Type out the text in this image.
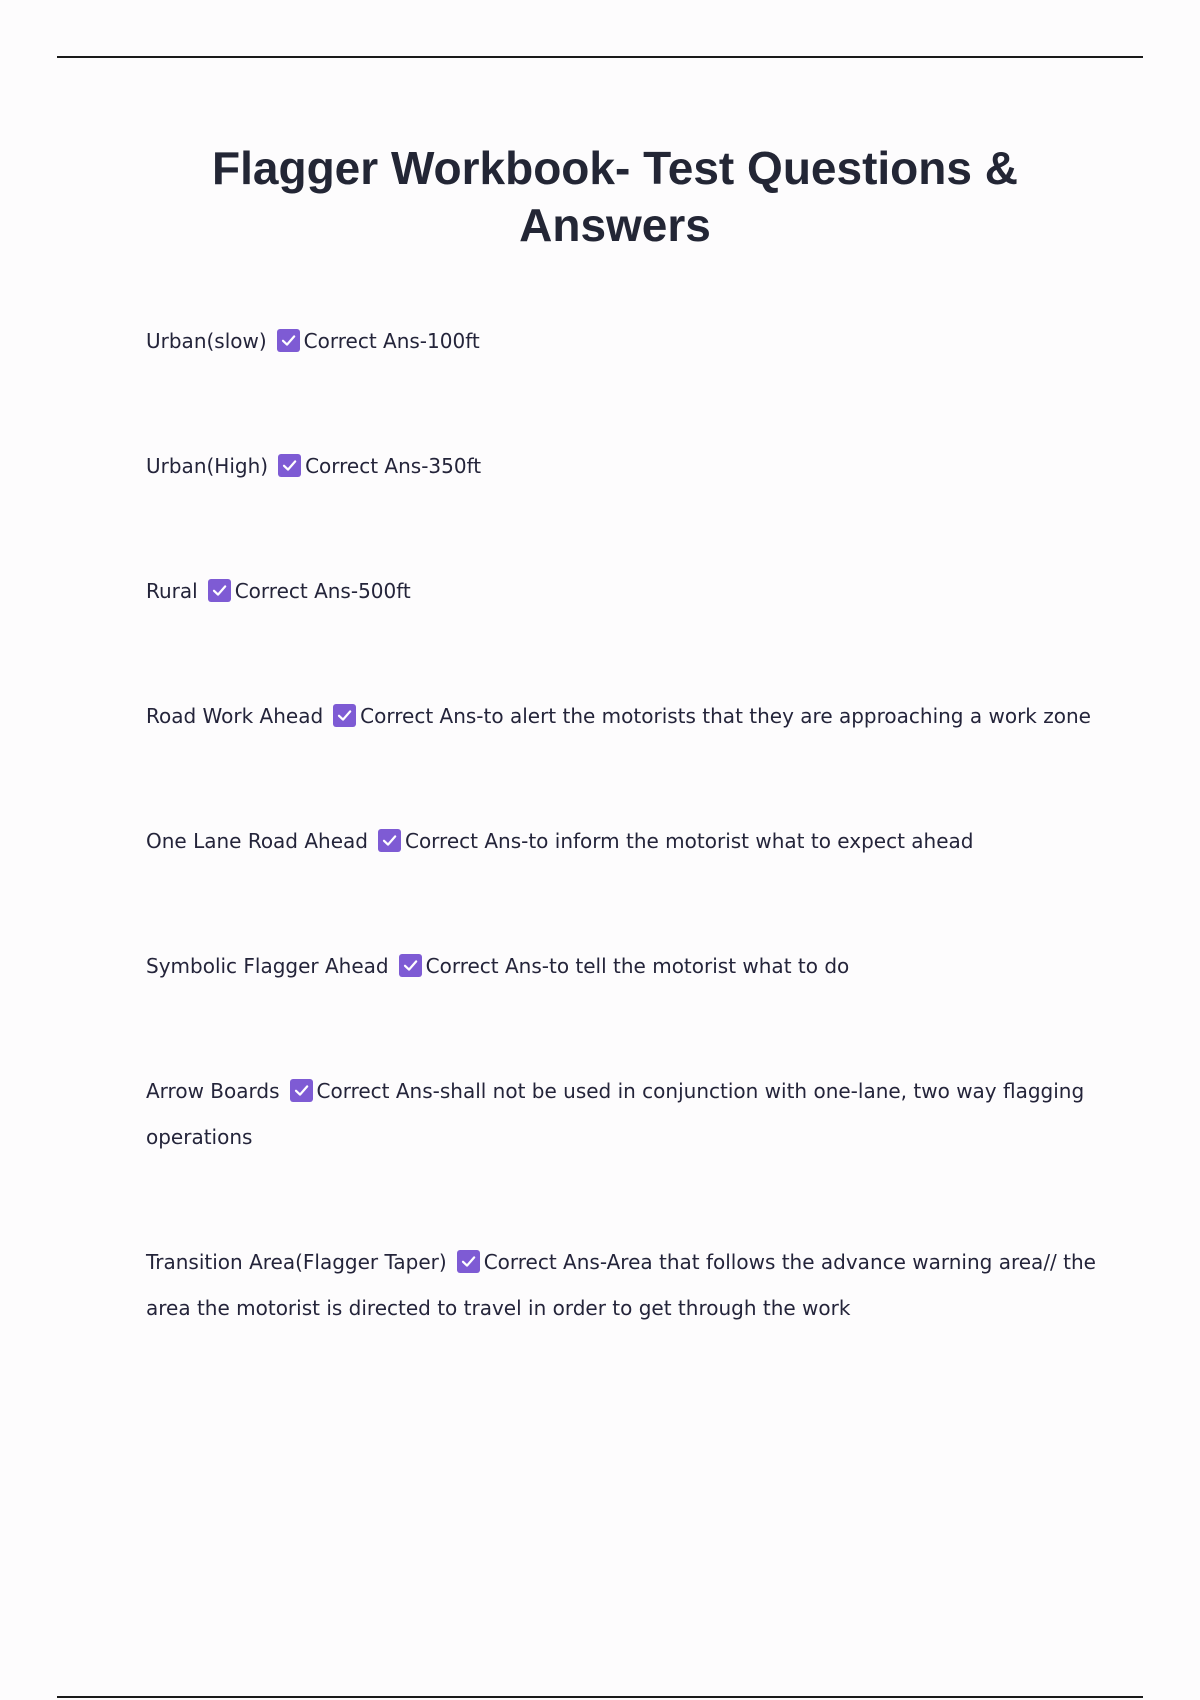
Flagger Workbook- Test Questions & Answers

Urban(slow) Correct Ans-100ft

Urban(High) Correct Ans-350ft

Rural Correct Ans-500ft

Road Work Ahead Correct Ans-to alert the motorists that they are approaching a work zone

One Lane Road Ahead Correct Ans-to inform the motorist what to expect ahead

Symbolic Flagger Ahead Correct Ans-to tell the motorist what to do

Arrow Boards Correct Ans-shall not be used in conjunction with one-lane, two way flagging operations

Transition Area(Flagger Taper) Correct Ans-Area that follows the advance warning area// the area the motorist is directed to travel in order to get through the work
